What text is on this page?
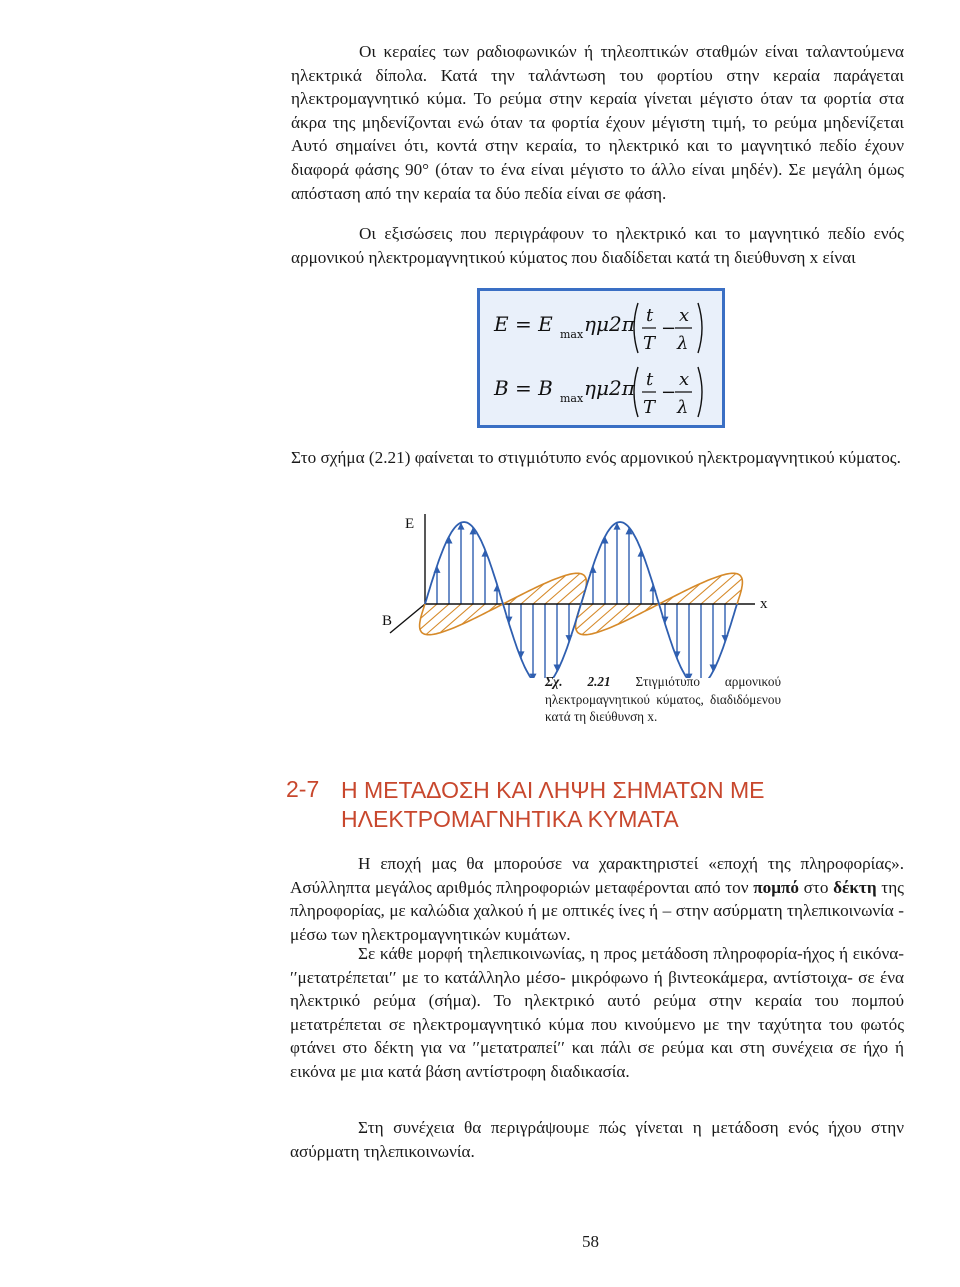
Οι κεραίες των ραδιοφωνικών ή τηλεοπτικών σταθμών είναι ταλαντούμενα ηλεκτρικά δίπολα. Κατά την ταλάντωση του φορτίου στην κεραία παράγεται ηλεκτρομαγνητικό κύμα. Το ρεύμα στην κεραία γίνεται μέγιστο όταν τα φορτία στα άκρα της μηδενίζονται ενώ όταν τα φορτία έχουν μέγιστη τιμή, το ρεύμα μηδενίζεται Αυτό σημαίνει ότι, κοντά στην κεραία, το ηλεκτρικό και το μαγνητικό πεδίο έχουν διαφορά φάσης 90° (όταν το ένα είναι μέγιστο το άλλο είναι μηδέν). Σε μεγάλη όμως απόσταση από την κεραία τα δύο πεδία είναι σε φάση.

Οι εξισώσεις που περιγράφουν το ηλεκτρικό και το μαγνητικό πεδίο ενός αρμονικού ηλεκτρομαγνητικού κύματος που διαδίδεται κατά τη διεύθυνση x είναι

E = E max ημ2π t
T
−
x
λ
B = B max ημ2π t
T
−
x
λ

Στο σχήμα (2.21) φαίνεται το στιγμιότυπο ενός αρμονικού ηλεκτρομαγνητικού κύματος.

E
B
x

Σχ. 2.21 Στιγμιότυπο αρμονικού ηλεκτρομαγνητικού κύματος, διαδιδόμενου κατά τη διεύθυνση x.

2-7 Η ΜΕΤΑΔΟΣΗ ΚΑΙ ΛΗΨΗ ΣΗΜΑΤΩΝ ΜΕ ΗΛΕΚΤΡΟΜΑΓΝΗΤΙΚΑ ΚΥΜΑΤΑ

Η εποχή μας θα μπορούσε να χαρακτηριστεί «εποχή της πληροφορίας». Ασύλληπτα μεγάλος αριθμός πληροφοριών μεταφέρονται από τον πομπό στο δέκτη της πληροφορίας, με καλώδια χαλκού ή με οπτικές ίνες ή – στην ασύρματη τηλεπικοινωνία - μέσω των ηλεκτρομαγνητικών κυμάτων.

Σε κάθε μορφή τηλεπικοινωνίας, η προς μετάδοση πληροφορία-ήχος ή εικόνα- ′′μετατρέπεται′′ με το κατάλληλο μέσο- μικρόφωνο ή βιντεοκάμερα, αντίστοιχα- σε ένα ηλεκτρικό ρεύμα (σήμα). Το ηλεκτρικό αυτό ρεύμα στην κεραία του πομπού μετατρέπεται σε ηλεκτρομαγνητικό κύμα που κινούμενο με την ταχύτητα του φωτός φτάνει στο δέκτη για να ′′μετατραπεί′′ και πάλι σε ρεύμα και στη συνέχεια σε ήχο ή εικόνα με μια κατά βάση αντίστροφη διαδικασία.

Στη συνέχεια θα περιγράψουμε πώς γίνεται η μετάδοση ενός ήχου στην ασύρματη τηλεπικοινωνία.

58
